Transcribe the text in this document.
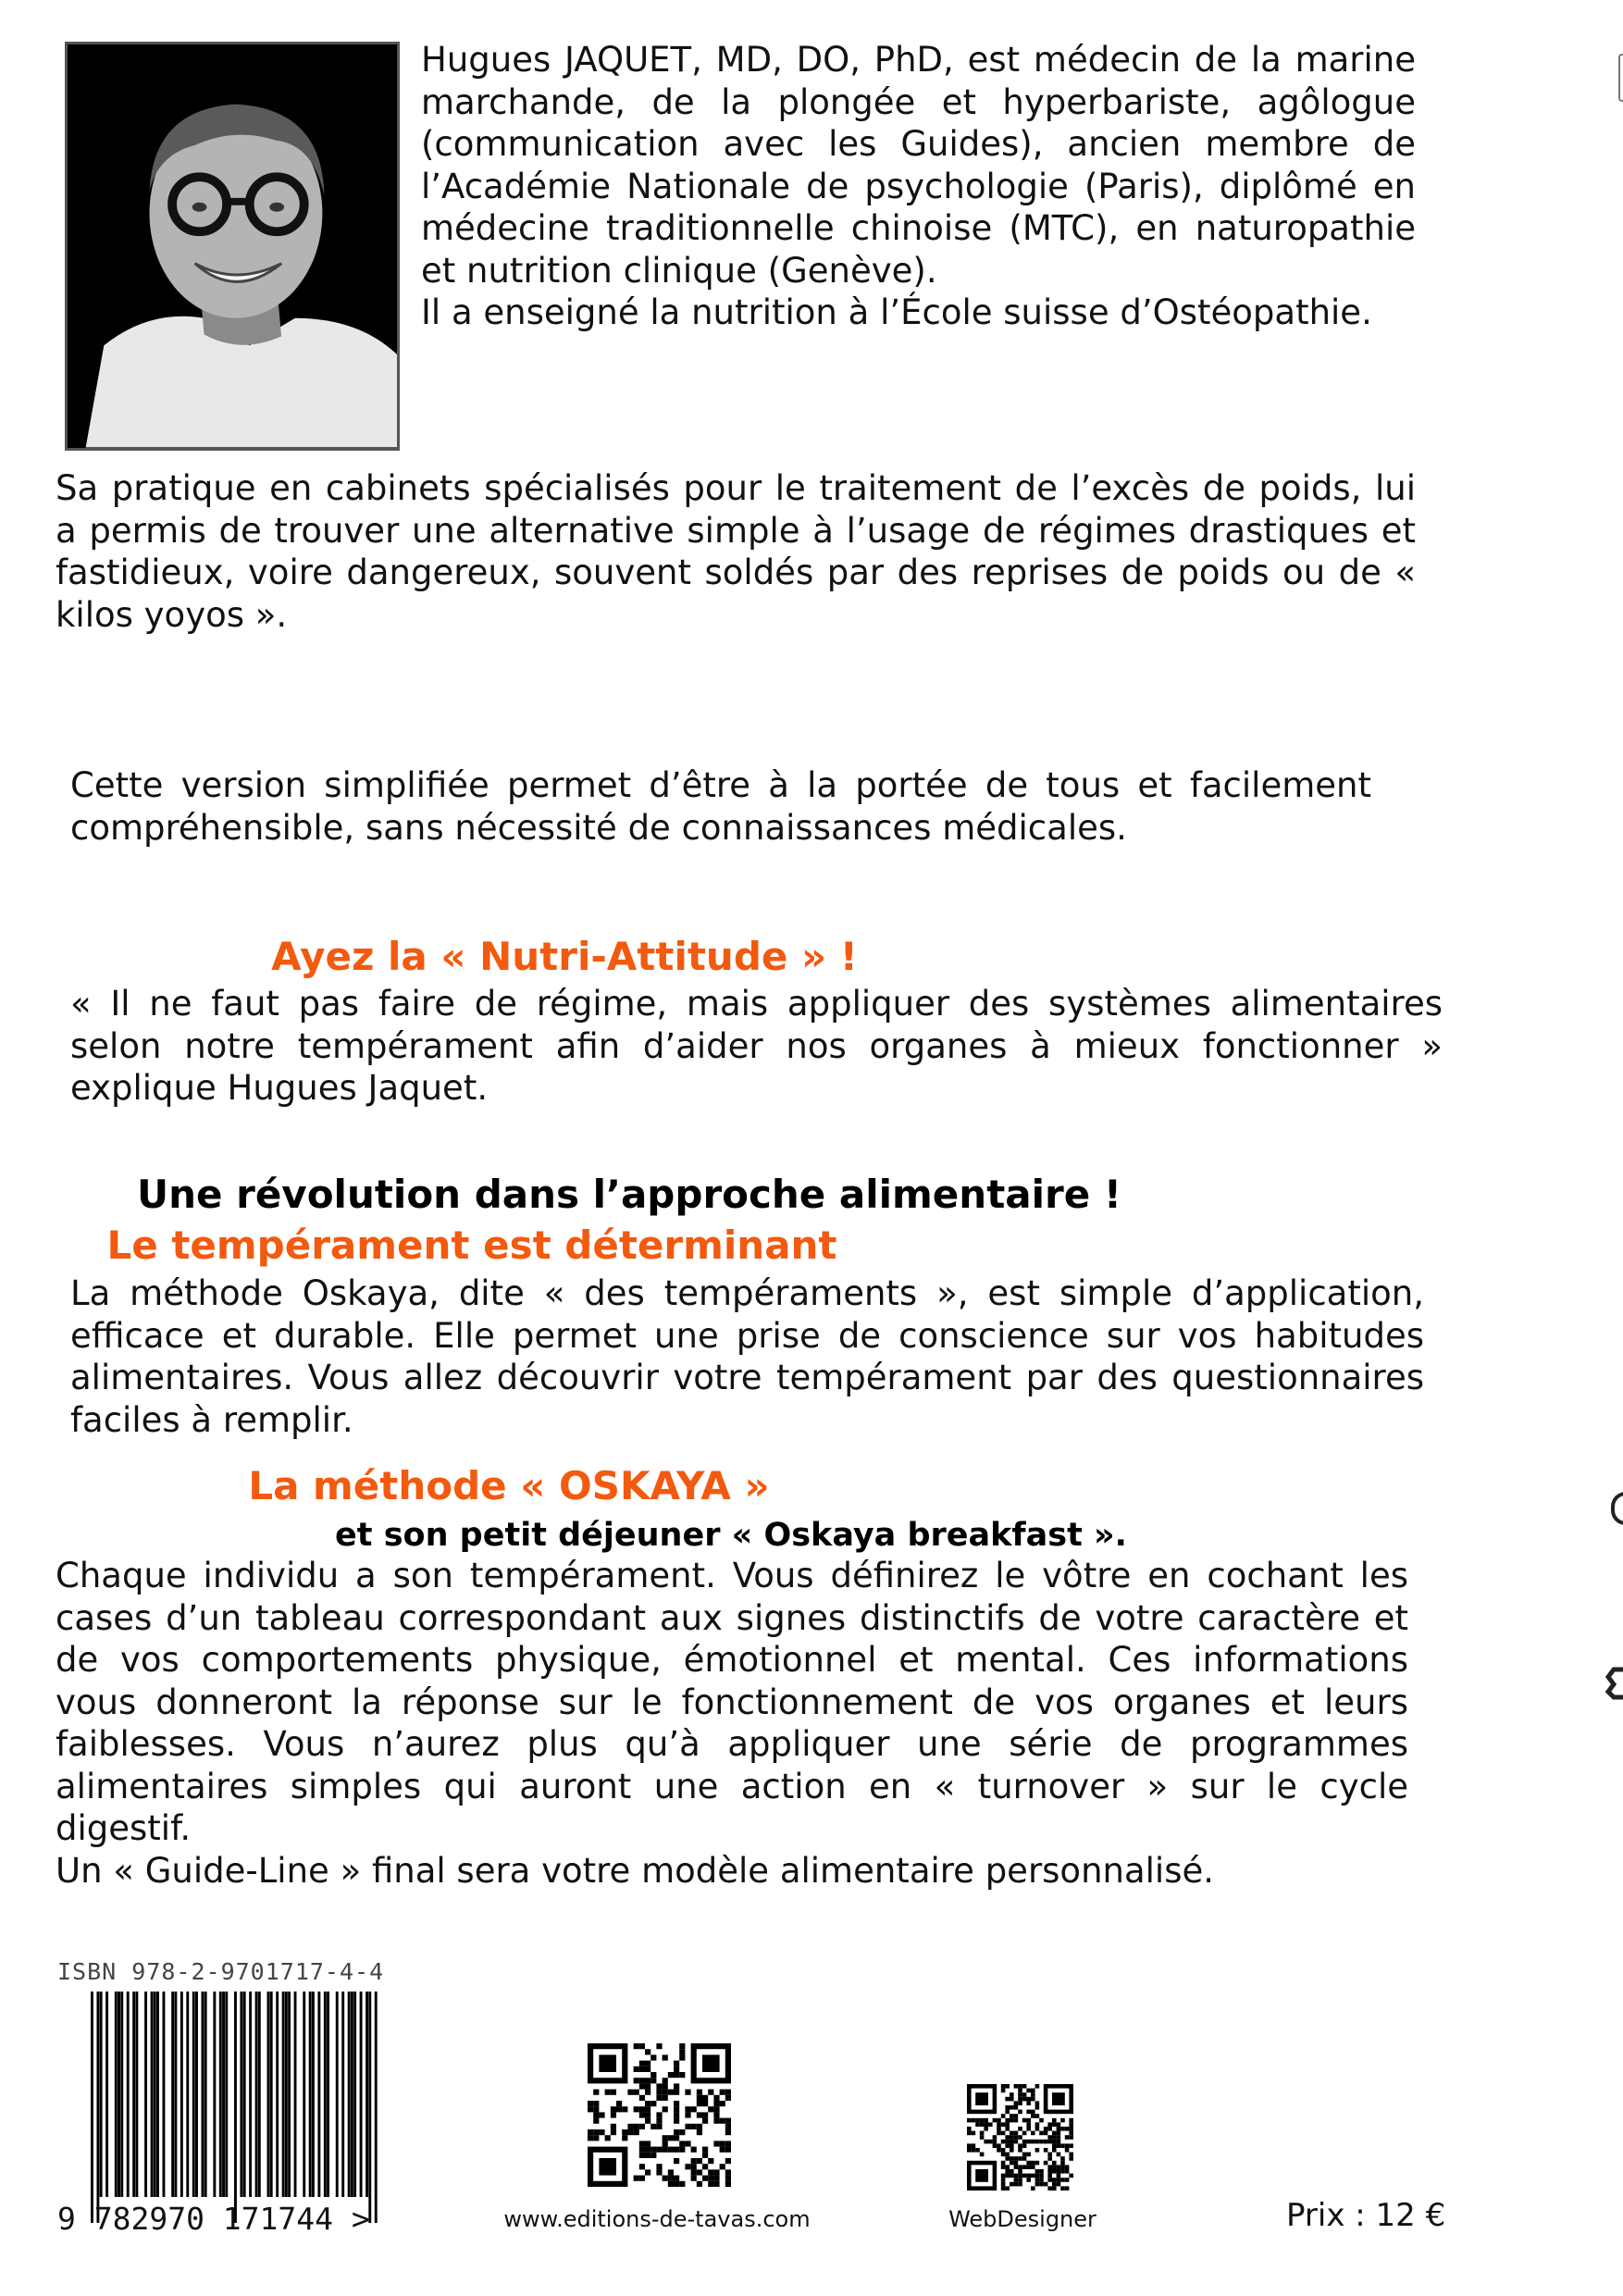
Hugues JAQUET, MD, DO, PhD, est médecin de la marine marchande, de la plongée et hyperbariste, agôlogue (communication avec les Guides), ancien membre de l’Académie Nationale de psychologie (Paris), diplômé en médecine traditionnelle chinoise (MTC), en naturopathie et nutrition clinique (Genève).

Il a enseigné la nutrition à l’École suisse d’Ostéopathie.

Sa pratique en cabinets spécialisés pour le traitement de l’excès de poids, lui a permis de trouver une alternative simple à l’usage de régimes drastiques et fastidieux, voire dangereux, souvent soldés par des reprises de poids ou de « kilos yoyos ».

Cette version simplifiée permet d’être à la portée de tous et facilement compréhensible, sans nécessité de connaissances médicales.

Ayez la « Nutri-Attitude » !

« Il ne faut pas faire de régime, mais appliquer des systèmes alimentaires selon notre tempérament afin d’aider nos organes à mieux fonctionner » explique Hugues Jaquet.

Une révolution dans l’approche alimentaire !
Le tempérament est déterminant

La méthode Oskaya, dite « des tempéraments », est simple d’application, efficace et durable. Elle permet une prise de conscience sur vos habitudes alimentaires. Vous allez découvrir votre tempérament par des questionnaires faciles à remplir.

La méthode « OSKAYA »
et son petit déjeuner « Oskaya breakfast ».

Chaque individu a son tempérament. Vous définirez le vôtre en cochant les cases d’un tableau correspondant aux signes distinctifs de votre caractère et de vos comportements physique, émotionnel et mental. Ces informations vous donneront la réponse sur le fonctionnement de vos organes et leurs faiblesses. Vous n’aurez plus qu’à appliquer une série de programmes alimentaires simples qui auront une action en « turnover » sur le cycle digestif.

Un « Guide-Line » final sera votre modèle alimentaire personnalisé.

ISBN 978-2-9701717-4-4
9 782970 171744 >	www.editions-de-tavas.com	WebDesigner	Prix : 12 €
